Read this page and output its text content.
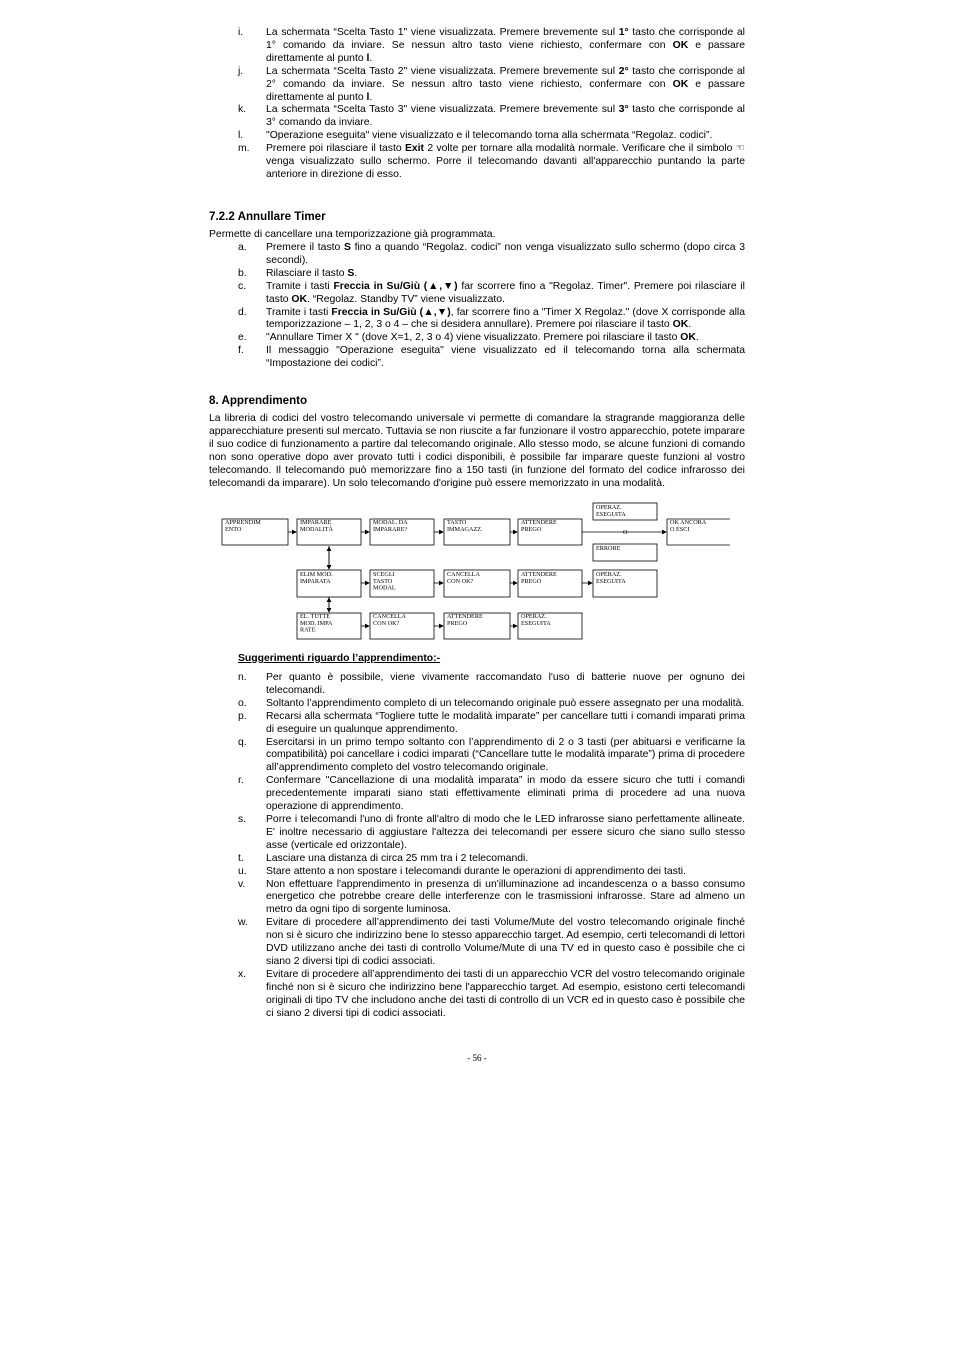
i.	La schermata “Scelta Tasto 1" viene visualizzata. Premere brevemente sul 1° tasto che corrisponde al 1° comando da inviare. Se nessun altro tasto viene richiesto, confermare con OK e passare direttamente al punto l.
j.	La schermata “Scelta Tasto 2" viene visualizzata. Premere brevemente sul 2° tasto che corrisponde al 2° comando da inviare. Se nessun altro tasto viene richiesto, confermare con OK e passare direttamente al punto l.
k.	La schermata “Scelta Tasto 3" viene visualizzata. Premere brevemente sul 3° tasto che corrisponde al 3° comando da inviare.
l.	"Operazione eseguita" viene visualizzato e il telecomando torna alla schermata “Regolaz. codici”.
m.	Premere poi rilasciare il tasto Exit 2 volte per tornare alla modalità normale. Verificare che il simbolo ☜ venga visualizzato sullo schermo. Porre il telecomando davanti all'apparecchio puntando la parte anteriore in direzione di esso.
7.2.2 Annullare Timer
Permette di cancellare una temporizzazione già programmata.
a.	Premere il tasto S fino a quando “Regolaz. codici” non venga visualizzato sullo schermo (dopo circa 3 secondi).
b.	Rilasciare il tasto S.
c.	Tramite i tasti Freccia in Su/Giù (▲,▼) far scorrere fino a "Regolaz. Timer". Premere poi rilasciare il tasto OK. “Regolaz. Standby TV” viene visualizzato.
d.	Tramite i tasti Freccia in Su/Giù (▲,▼), far scorrere fino a "Timer X Regolaz." (dove X corrisponde alla temporizzazione – 1, 2, 3 o 4 – che si desidera annullare). Premere poi rilasciare il tasto OK.
e.	"Annullare Timer X " (dove X=1, 2, 3 o 4) viene visualizzato. Premere poi rilasciare il tasto OK.
f.	Il messaggio "Operazione eseguita" viene visualizzato ed il telecomando torna alla schermata “Impostazione dei codici”.
8. Apprendimento
La libreria di codici del vostro telecomando universale vi permette di comandare la stragrande maggioranza delle apparecchiature presenti sul mercato. Tuttavia se non riuscite a far funzionare il vostro apparecchio, potete imparare il suo codice di funzionamento a partire dal telecomando originale. Allo stesso modo, se alcune funzioni di comando non sono operative dopo aver provato tutti i codici disponibili, è possibile far imparare queste funzioni al vostro telecomando. Il telecomando può memorizzare fino a 150 tasti (in funzione del formato del codice infrarosso dei telecomandi da imparare). Un solo telecomando d'origine può essere memorizzato in una modalità.
APPRENDIM
ENTO
IMPARARE
MODALITÀ
MODAL. DA
IMPARARE?
TASTO
IMMAGAZZ.
ATTENDERE
PREGO
OPERAZ.
ESEGUITA
OK ANCORA
O ESCI
ERRORE
ELIM MOD.
IMPARATA
SCEGLI
TASTO
MODAL
CANCELLA
CON OK?
ATTENDERE
PREGO
OPERAZ.
ESEGUITA
EL. TUTTE
MOD. IMPA
RATE
CANCELLA
CON OK?
ATTENDERE
PREGO
OPERAZ.
ESEGUITA
O
Suggerimenti riguardo l’apprendimento:-
n.	Per quanto è possibile, viene vivamente raccomandato l'uso di batterie nuove per ognuno dei telecomandi.
o.	Soltanto l’apprendimento completo di un telecomando originale può essere assegnato per una modalità.
p.	Recarsi alla schermata “Togliere tutte le modalità imparate” per cancellare tutti i comandi imparati prima di eseguire un qualunque apprendimento.
q.	Esercitarsi in un primo tempo soltanto con l’apprendimento di 2 o 3 tasti (per abituarsi e verificarne la compatibilità) poi cancellare i codici imparati (“Cancellare tutte le modalità imparate”) prima di procedere all’apprendimento completo del vostro telecomando originale.
r.	Confermare "Cancellazione di una modalità imparata” in modo da essere sicuro che tutti i comandi precedentemente imparati siano stati effettivamente eliminati prima di procedere ad una nuova operazione di apprendimento.
s.	Porre i telecomandi l'uno di fronte all'altro di modo che le LED infrarosse siano perfettamente allineate. E' inoltre necessario di aggiustare l'altezza dei telecomandi per essere sicuro che siano sullo stesso asse (verticale ed orizzontale).
t.	Lasciare una distanza di circa 25 mm tra i 2 telecomandi.
u.	Stare attento a non spostare i telecomandi durante le operazioni di apprendimento dei tasti.
v.	Non effettuare l'apprendimento in presenza di un'illuminazione ad incandescenza o a basso consumo energetico che potrebbe creare delle interferenze con le trasmissioni infrarosse. Stare ad almeno un metro da ogni tipo di sorgente luminosa.
w.	Evitare di procedere all’apprendimento dei tasti Volume/Mute del vostro telecomando originale finché non si è sicuro che indirizzino bene lo stesso apparecchio target. Ad esempio, certi telecomandi di lettori DVD utilizzano anche dei tasti di controllo Volume/Mute di una TV ed in questo caso è possibile che ci siano 2 diversi tipi di codici associati.
x.	Evitare di procedere all’apprendimento dei tasti di un apparecchio VCR del vostro telecomando originale finché non si è sicuro che indirizzino bene l'apparecchio target. Ad esempio, esistono certi telecomandi originali di tipo TV che includono anche dei tasti di controllo di un VCR ed in questo caso è possibile che ci siano 2 diversi tipi di codici associati.
- 56 -
